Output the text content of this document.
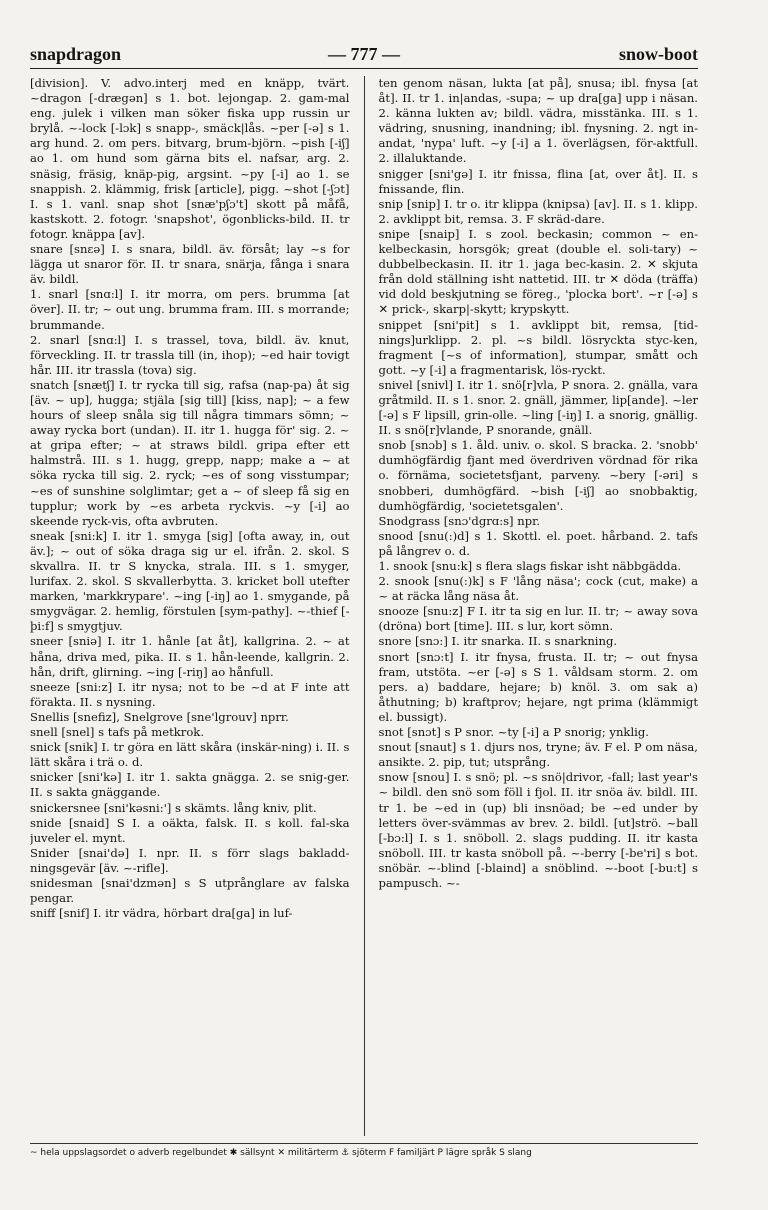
snapdragon	— 777 —	snow-boot

[division]. V. advo.interj med en knäpp, tvärt. ~dragon [-drægən] s 1. bot. lejongap. 2. gam-mal eng. julek i vilken man söker fiska upp russin ur brylå. ~-lock [-lɔk] s snapp-, smäck|lås. ~per [-ə] s 1. arg hund. 2. om pers. bitvarg, brum-björn. ~pish [-iʃ] ao 1. om hund som gärna bits el. nafsar, arg. 2. snäsig, fräsig, knäp-pig, argsint. ~py [-i] ao 1. se snappish. 2. klämmig, frisk [article], pigg. ~shot [-ʃɔt] I. s 1. vanl. snap shot [snæ'pʃɔ't] skott på måfå, kastskott. 2. fotogr. 'snapshot', ögonblicks-bild. II. tr fotogr. knäppa [av].

snare [snɛə] I. s snara, bildl. äv. försåt; lay ~s for lägga ut snaror för. II. tr snara, snärja, fånga i snara äv. bildl.

1. snarl [snɑ:l] I. itr morra, om pers. brumma [at över]. II. tr; ~ out ung. brumma fram. III. s morrande; brummande.

2. snarl [snɑ:l] I. s trassel, tova, bildl. äv. knut, förveckling. II. tr trassla till (in, ihop); ~ed hair tovigt hår. III. itr trassla (tova) sig.

snatch [snætʃ] I. tr rycka till sig, rafsa (nap-pa) åt sig [äv. ~ up], hugga; stjäla [sig till] [kiss, nap]; ~ a few hours of sleep snåla sig till några timmars sömn; ~ away rycka bort (undan). II. itr 1. hugga för' sig. 2. ~ at gripa efter; ~ at straws bildl. gripa efter ett halmstrå. III. s 1. hugg, grepp, napp; make a ~ at söka rycka till sig. 2. ryck; ~es of song visstumpar; ~es of sunshine solglimtar; get a ~ of sleep få sig en tupplur; work by ~es arbeta ryckvis. ~y [-i] ao skeende ryck-vis, ofta avbruten.

sneak [sni:k] I. itr 1. smyga [sig] [ofta away, in, out äv.]; ~ out of söka draga sig ur el. ifrån. 2. skol. S skvallra. II. tr S knycka, strala. III. s 1. smyger, lurifax. 2. skol. S skvallerbytta. 3. kricket boll utefter marken, 'markkrypare'. ~ing [-iŋ] ao 1. smygande, på smygvägar. 2. hemlig, förstulen [sym-pathy]. ~-thief [-þi:f] s smygtjuv.

sneer [sniə] I. itr 1. hånle [at åt], kallgrina. 2. ~ at håna, driva med, pika. II. s 1. hån-leende, kallgrin. 2. hån, drift, glirning. ~ing [-riŋ] ao hånfull.

sneeze [sni:z] I. itr nysa; not to be ~d at F inte att förakta. II. s nysning.

Snellis [snefiz], Snelgrove [sne'lgrouv] nprr.

snell [snel] s tafs på metkrok.

snick [snik] I. tr göra en lätt skåra (inskär-ning) i. II. s lätt skåra i trä o. d.

snicker [sni'kə] I. itr 1. sakta gnägga. 2. se snig-ger. II. s sakta gnäggande.

snickersnee [sni'kəsni:'] s skämts. lång kniv, plit.

snide [snaid] S I. a oäkta, falsk. II. s koll. fal-ska juveler el. mynt.

Snider [snai'də] I. npr. II. s förr slags bakladd-ningsgevär [äv. ~-rifle].

snidesman [snai'dzmən] s S utprånglare av falska pengar.

sniff [snif] I. itr vädra, hörbart dra[ga] in luf-

ten genom näsan, lukta [at på], snusa; ibl. fnysa [at åt]. II. tr 1. in|andas, -supa; ~ up dra[ga] upp i näsan. 2. känna lukten av; bildl. vädra, misstänka. III. s 1. vädring, snusning, inandning; ibl. fnysning. 2. ngt in-andat, 'nypa' luft. ~y [-i] a 1. överlägsen, för-aktfull. 2. illaluktande.

snigger [sni'gə] I. itr fnissa, flina [at, over åt]. II. s fnissande, flin.

snip [snip] I. tr o. itr klippa (knipsa) [av]. II. s 1. klipp. 2. avklippt bit, remsa. 3. F skräd-dare.

snipe [snaip] I. s zool. beckasin; common ~ en-kelbeckasin, horsgök; great (double el. soli-tary) ~ dubbelbeckasin. II. itr 1. jaga bec-kasin. 2. ✕ skjuta från dold ställning isht nattetid. III. tr ✕ döda (träffa) vid dold beskjutning se föreg., 'plocka bort'. ~r [-ə] s ✕ prick-, skarp|-skytt; krypskytt.

snippet [sni'pit] s 1. avklippt bit, remsa, [tid-nings]urklipp. 2. pl. ~s bildl. lösryckta styc-ken, fragment [~s of information], stumpar, smått och gott. ~y [-i] a fragmentarisk, lös-ryckt.

snivel [snivl] I. itr 1. snö[r]vla, P snora. 2. gnälla, vara gråtmild. II. s 1. snor. 2. gnäll, jämmer, lip[ande]. ~ler [-ə] s F lipsill, grin-olle. ~ling [-iŋ] I. a snorig, gnällig. II. s snö[r]vlande, P snorande, gnäll.

snob [snɔb] s 1. åld. univ. o. skol. S bracka. 2. 'snobb' dumhögfärdig fjant med överdriven vördnad för rika o. förnäma, societetsfjant, parveny. ~bery [-əri] s snobberi, dumhögfärd. ~bish [-iʃ] ao snobbaktig, dumhögfärdig, 'societetsgalen'.

Snodgrass [snɔ'dgrɑ:s] npr.

snood [snu(:)d] s 1. Skottl. el. poet. hårband. 2. tafs på långrev o. d.

1. snook [snu:k] s flera slags fiskar isht näbbgädda.

2. snook [snu(:)k] s F 'lång näsa'; cock (cut, make) a ~ at räcka lång näsa åt.

snooze [snu:z] F I. itr ta sig en lur. II. tr; ~ away sova (dröna) bort [time]. III. s lur, kort sömn.

snore [snɔ:] I. itr snarka. II. s snarkning.

snort [snɔ:t] I. itr fnysa, frusta. II. tr; ~ out fnysa fram, utstöta. ~er [-ə] s S 1. våldsam storm. 2. om pers. a) baddare, hejare; b) knöl. 3. om sak a) åthutning; b) kraftprov; hejare, ngt prima (klämmigt el. bussigt).

snot [snɔt] s P snor. ~ty [-i] a P snorig; ynklig.

snout [snaut] s 1. djurs nos, tryne; äv. F el. P om näsa, ansikte. 2. pip, tut; utsprång.

snow [snou] I. s snö; pl. ~s snö|drivor, -fall; last year's ~ bildl. den snö som föll i fjol. II. itr snöa äv. bildl. III. tr 1. be ~ed in (up) bli insnöad; be ~ed under by letters över-svämmas av brev. 2. bildl. [ut]strö. ~ball [-bɔ:l] I. s 1. snöboll. 2. slags pudding. II. itr kasta snöboll. III. tr kasta snöboll på. ~-berry [-be'ri] s bot. snöbär. ~-blind [-blaind] a snöblind. ~-boot [-bu:t] s pampusch. ~-

~ hela uppslagsordet o adverb regelbundet ✱ sällsynt ✕ militärterm ⚓ sjöterm F familjärt P lägre språk S slang
